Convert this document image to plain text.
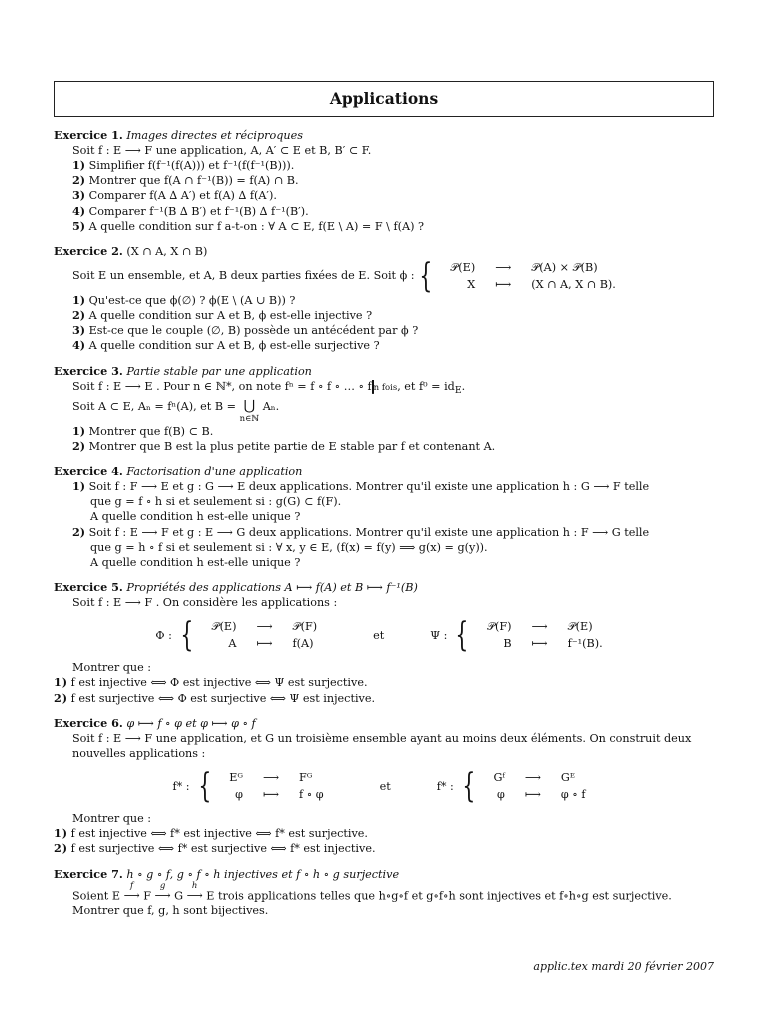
Applications
Exercice 1. Images directes et réciproques
Soit f : E ⟶ F une application, A, A′ ⊂ E et B, B′ ⊂ F.
1) Simplifier f(f⁻¹(f(A))) et f⁻¹(f(f⁻¹(B))).
2) Montrer que f(A ∩ f⁻¹(B)) = f(A) ∩ B.
3) Comparer f(A ∆ A′) et f(A) ∆ f(A′).
4) Comparer f⁻¹(B ∆ B′) et f⁻¹(B) ∆ f⁻¹(B′).
5) A quelle condition sur f a-t-on : ∀ A ⊂ E, f(E \ A) = F \ f(A) ?
Exercice 2. (X ∩ A, X ∩ B)
Soit E un ensemble, et A, B deux parties fixées de E. Soit ϕ : { 𝒫(E)	⟶	𝒫(A) × 𝒫(B)
X	⟼	(X ∩ A, X ∩ B).
1) Qu'est-ce que ϕ(∅) ? ϕ(E \ (A ∪ B)) ?
2) A quelle condition sur A et B, ϕ est-elle injective ?
3) Est-ce que le couple (∅, B) possède un antécédent par ϕ ?
4) A quelle condition sur A et B, ϕ est-elle surjective ?
Exercice 3. Partie stable par une application
Soit f : E ⟶ E . Pour n ∈ ℕ*, on note fⁿ = f ∘ f ∘ … ∘ f n fois, et $f^0 = id_E$.
Soit A ⊂ E, Aₙ = fⁿ(A), et B = ⋃
n∈ℕ
Aₙ.
1) Montrer que f(B) ⊂ B.
2) Montrer que B est la plus petite partie de E stable par f et contenant A.
Exercice 4. Factorisation d'une application
1) Soit f : F ⟶ E et g : G ⟶ E deux applications. Montrer qu'il existe une application h : G ⟶ F telle
que g = f ∘ h si et seulement si : g(G) ⊂ f(F).
A quelle condition h est-elle unique ?
2) Soit f : E ⟶ F et g : E ⟶ G deux applications. Montrer qu'il existe une application h : F ⟶ G telle
que g = h ∘ f si et seulement si : ∀ x, y ∈ E, (f(x) = f(y) ⟹ g(x) = g(y)).
A quelle condition h est-elle unique ?
Exercice 5. Propriétés des applications A ⟼ f(A) et B ⟼ f⁻¹(B)
Soit f : E ⟶ F . On considère les applications :
Φ : { 𝒫(E)	⟶	𝒫(F)
A	⟼	f(A)
et	Ψ : { 𝒫(F)	⟶	𝒫(E)
B	⟼	f⁻¹(B).
Montrer que :
1) f est injective ⟺ Φ est injective ⟺ Ψ est surjective.
2) f est surjective ⟺ Φ est surjective ⟺ Ψ est injective.
Exercice 6. φ ⟼ f ∘ φ et φ ⟼ φ ∘ f
Soit f : E ⟶ F une application, et G un troisième ensemble ayant au moins deux éléments. On construit deux
nouvelles applications :
f* : { Eᴳ	⟶	Fᴳ
φ	⟼	f ∘ φ
et	f* : { Gᶠ	⟶	Gᴱ
φ	⟼	φ ∘ f
Montrer que :
1) f est injective ⟺ f* est injective ⟺ f* est surjective.
2) f est surjective ⟺ f* est surjective ⟺ f* est injective.
Exercice 7. h ∘ g ∘ f, g ∘ f ∘ h injectives et f ∘ h ∘ g surjective
Soient E
f
⟶ F
g
⟶ G
h
⟶ E trois applications telles que h∘g∘f et g∘f∘h sont injectives et f∘h∘g est surjective.
Montrer que f, g, h sont bijectives.
applic.tex mardi 20 février 2007
